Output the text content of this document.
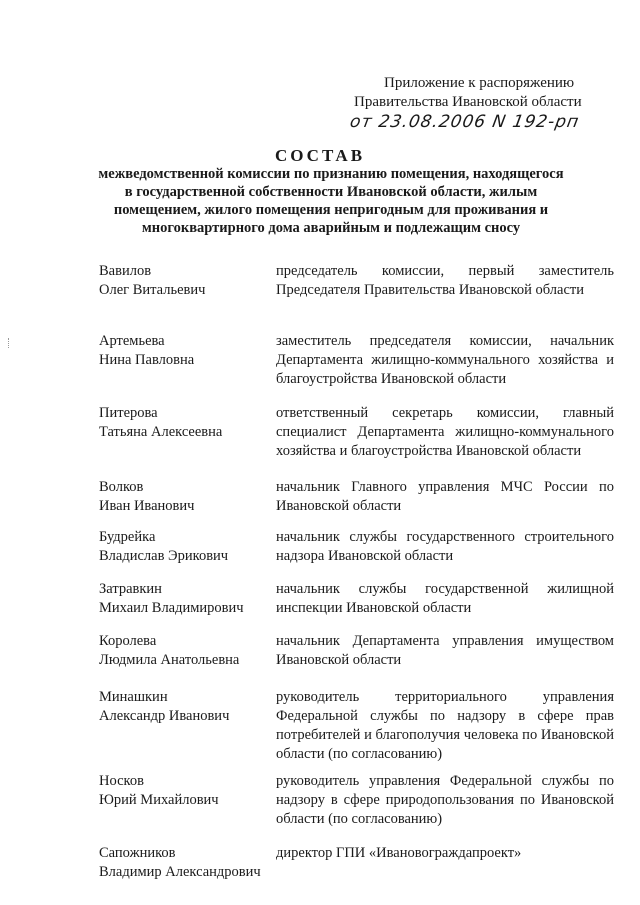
Приложение к распоряжению
Правительства Ивановской области
от 23.08.2006 N 192-рп
СОСТАВ
межведомственной комиссии по признанию помещения, находящегося в государственной собственности Ивановской области, жилым помещением, жилого помещения непригодным для проживания и многоквартирного дома аварийным и подлежащим сносу
Вавилов
Олег Витальевич
председатель комиссии, первый заместитель Председателя Правительства Ивановской области
Артемьева
Нина Павловна
заместитель председателя комиссии, начальник Департамента жилищно-коммунального хозяйства и благоустройства Ивановской области
Питерова
Татьяна Алексеевна
ответственный секретарь комиссии, главный специалист Департамента жилищно-коммунального хозяйства и благоустройства Ивановской области
Волков
Иван Иванович
начальник Главного управления МЧС России по Ивановской области
Будрейка
Владислав Эрикович
начальник службы государственного строительного надзора Ивановской области
Затравкин
Михаил Владимирович
начальник службы государственной жилищной инспекции Ивановской области
Королева
Людмила Анатольевна
начальник Департамента управления имуществом Ивановской области
Минашкин
Александр Иванович
руководитель территориального управления Федеральной службы по надзору в сфере прав потребителей и благополучия человека по Ивановской области (по согласованию)
Носков
Юрий Михайлович
руководитель управления Федеральной службы по надзору в сфере природопользования по Ивановской области (по согласованию)
Сапожников
Владимир Александрович
директор ГПИ «Ивановограждапроект»
